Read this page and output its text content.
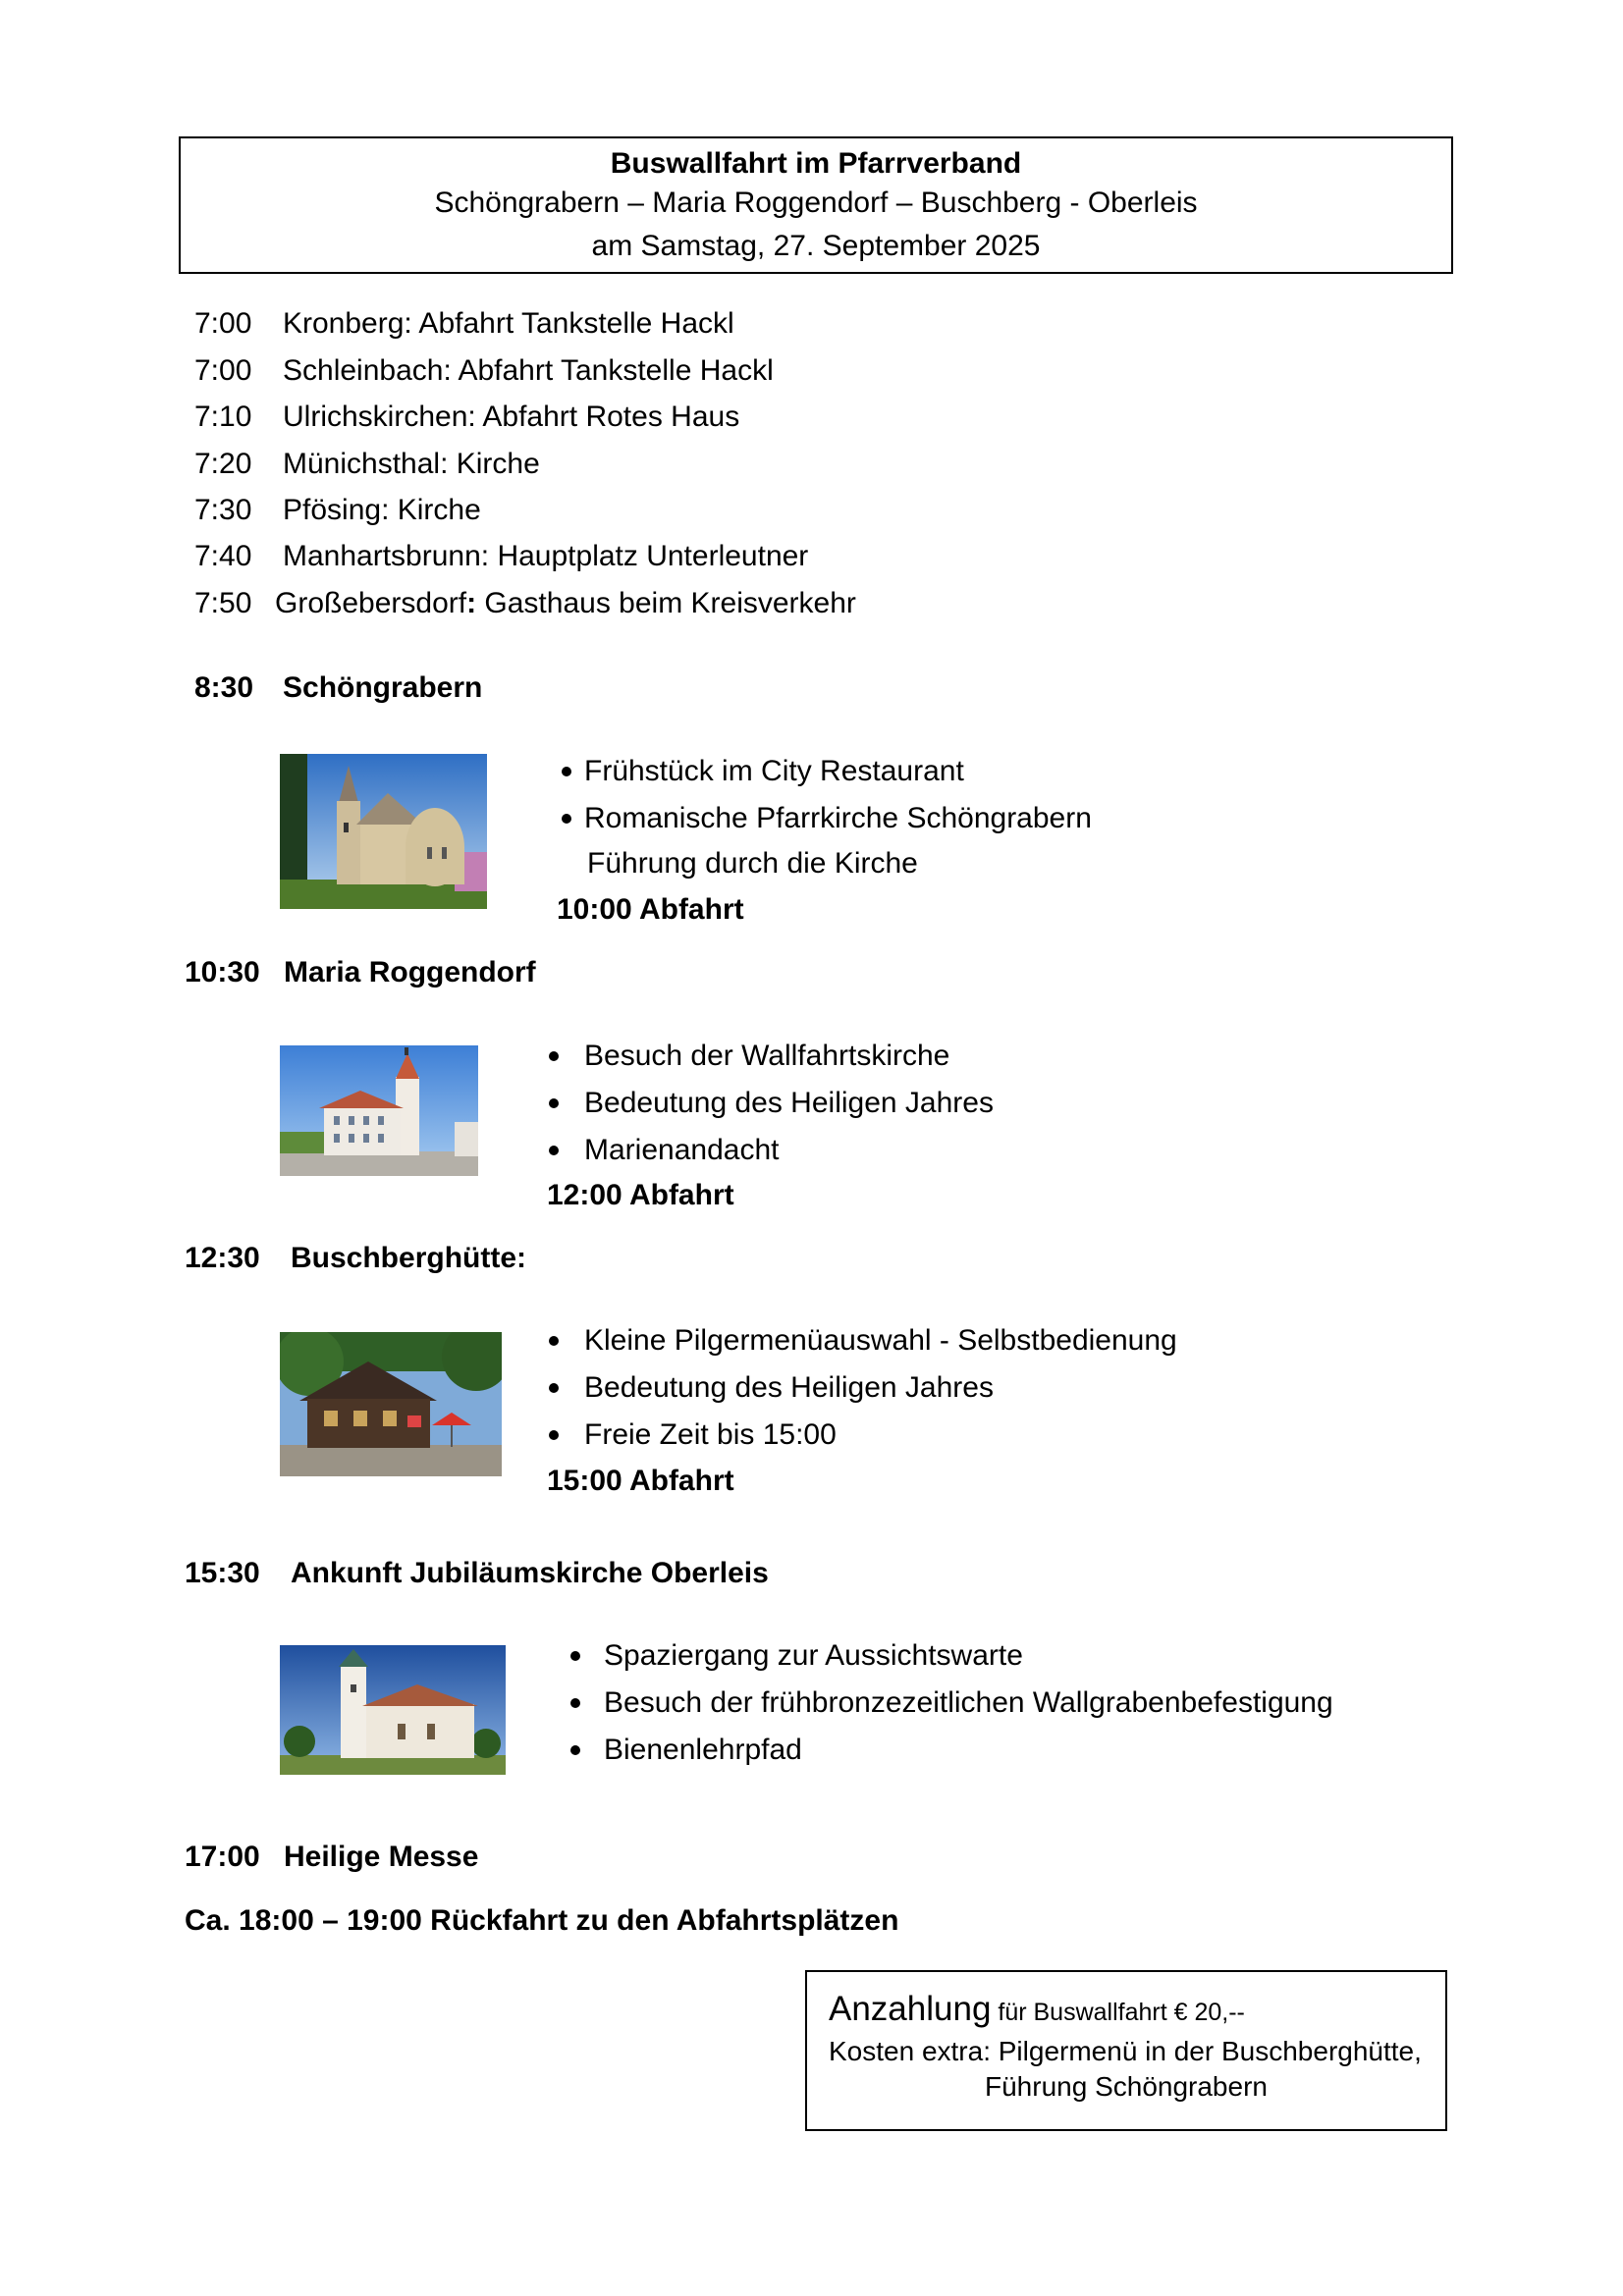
Buswallfahrt im Pfarrverband
Schöngrabern – Maria Roggendorf – Buschberg - Oberleis
am Samstag, 27. September 2025
7:00 Kronberg: Abfahrt Tankstelle Hackl
7:00 Schleinbach: Abfahrt Tankstelle Hackl
7:10 Ulrichskirchen: Abfahrt Rotes Haus
7:20 Münichsthal: Kirche
7:30 Pfösing: Kirche
7:40 Manhartsbrunn: Hauptplatz Unterleutner
7:50 Großebersdorf: Gasthaus beim Kreisverkehr
8:30 Schöngrabern
Frühstück im City Restaurant
Romanische Pfarrkirche Schöngrabern
Führung durch die Kirche
10:00 Abfahrt
10:30 Maria Roggendorf
Besuch der Wallfahrtskirche
Bedeutung des Heiligen Jahres
Marienandacht
12:00 Abfahrt
12:30 Buschberghütte:
Kleine Pilgermenüauswahl - Selbstbedienung
Bedeutung des Heiligen Jahres
Freie Zeit bis 15:00
15:00 Abfahrt
15:30 Ankunft Jubiläumskirche Oberleis
Spaziergang zur Aussichtswarte
Besuch der frühbronzezeitlichen Wallgrabenbefestigung
Bienenlehrpfad
17:00 Heilige Messe
Ca. 18:00 – 19:00 Rückfahrt zu den Abfahrtsplätzen
Anzahlung für Buswallfahrt € 20,--
Kosten extra: Pilgermenü in der Buschberghütte,
Führung Schöngrabern
